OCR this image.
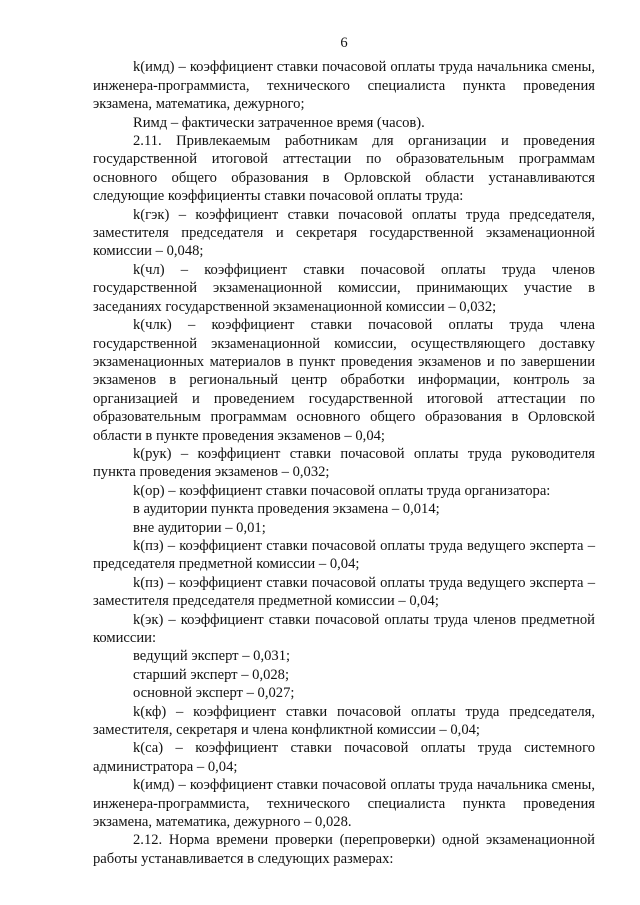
6

k(имд) – коэффициент ставки почасовой оплаты труда начальника смены, инженера-программиста, технического специалиста пункта проведения экзамена, математика, дежурного;

Rимд – фактически затраченное время (часов).

2.11. Привлекаемым работникам для организации и проведения государственной итоговой аттестации по образовательным программам основного общего образования в Орловской области устанавливаются следующие коэффициенты ставки почасовой оплаты труда:

k(гэк) – коэффициент ставки почасовой оплаты труда председателя, заместителя председателя и секретаря государственной экзаменационной комиссии – 0,048;

k(чл) – коэффициент ставки почасовой оплаты труда членов государственной экзаменационной комиссии, принимающих участие в заседаниях государственной экзаменационной комиссии – 0,032;

k(члк) – коэффициент ставки почасовой оплаты труда члена государственной экзаменационной комиссии, осуществляющего доставку экзаменационных материалов в пункт проведения экзаменов и по завершении экзаменов в региональный центр обработки информации, контроль за организацией и проведением государственной итоговой аттестации по образовательным программам основного общего образования в Орловской области в пункте проведения экзаменов – 0,04;

k(рук) – коэффициент ставки почасовой оплаты труда руководителя пункта проведения экзаменов – 0,032;

k(ор) – коэффициент ставки почасовой оплаты труда организатора:

в аудитории пункта проведения экзамена – 0,014;

вне аудитории – 0,01;

k(пз) – коэффициент ставки почасовой оплаты труда ведущего эксперта – председателя предметной комиссии – 0,04;

k(пз) – коэффициент ставки почасовой оплаты труда ведущего эксперта – заместителя председателя предметной комиссии – 0,04;

k(эк) – коэффициент ставки почасовой оплаты труда членов предметной комиссии:

ведущий эксперт – 0,031;

старший эксперт – 0,028;

основной эксперт – 0,027;

k(кф) – коэффициент ставки почасовой оплаты труда председателя, заместителя, секретаря и члена конфликтной комиссии – 0,04;

k(са) – коэффициент ставки почасовой оплаты труда системного администратора – 0,04;

k(имд) – коэффициент ставки почасовой оплаты труда начальника смены, инженера-программиста, технического специалиста пункта проведения экзамена, математика, дежурного – 0,028.

2.12. Норма времени проверки (перепроверки) одной экзаменационной работы устанавливается в следующих размерах:
